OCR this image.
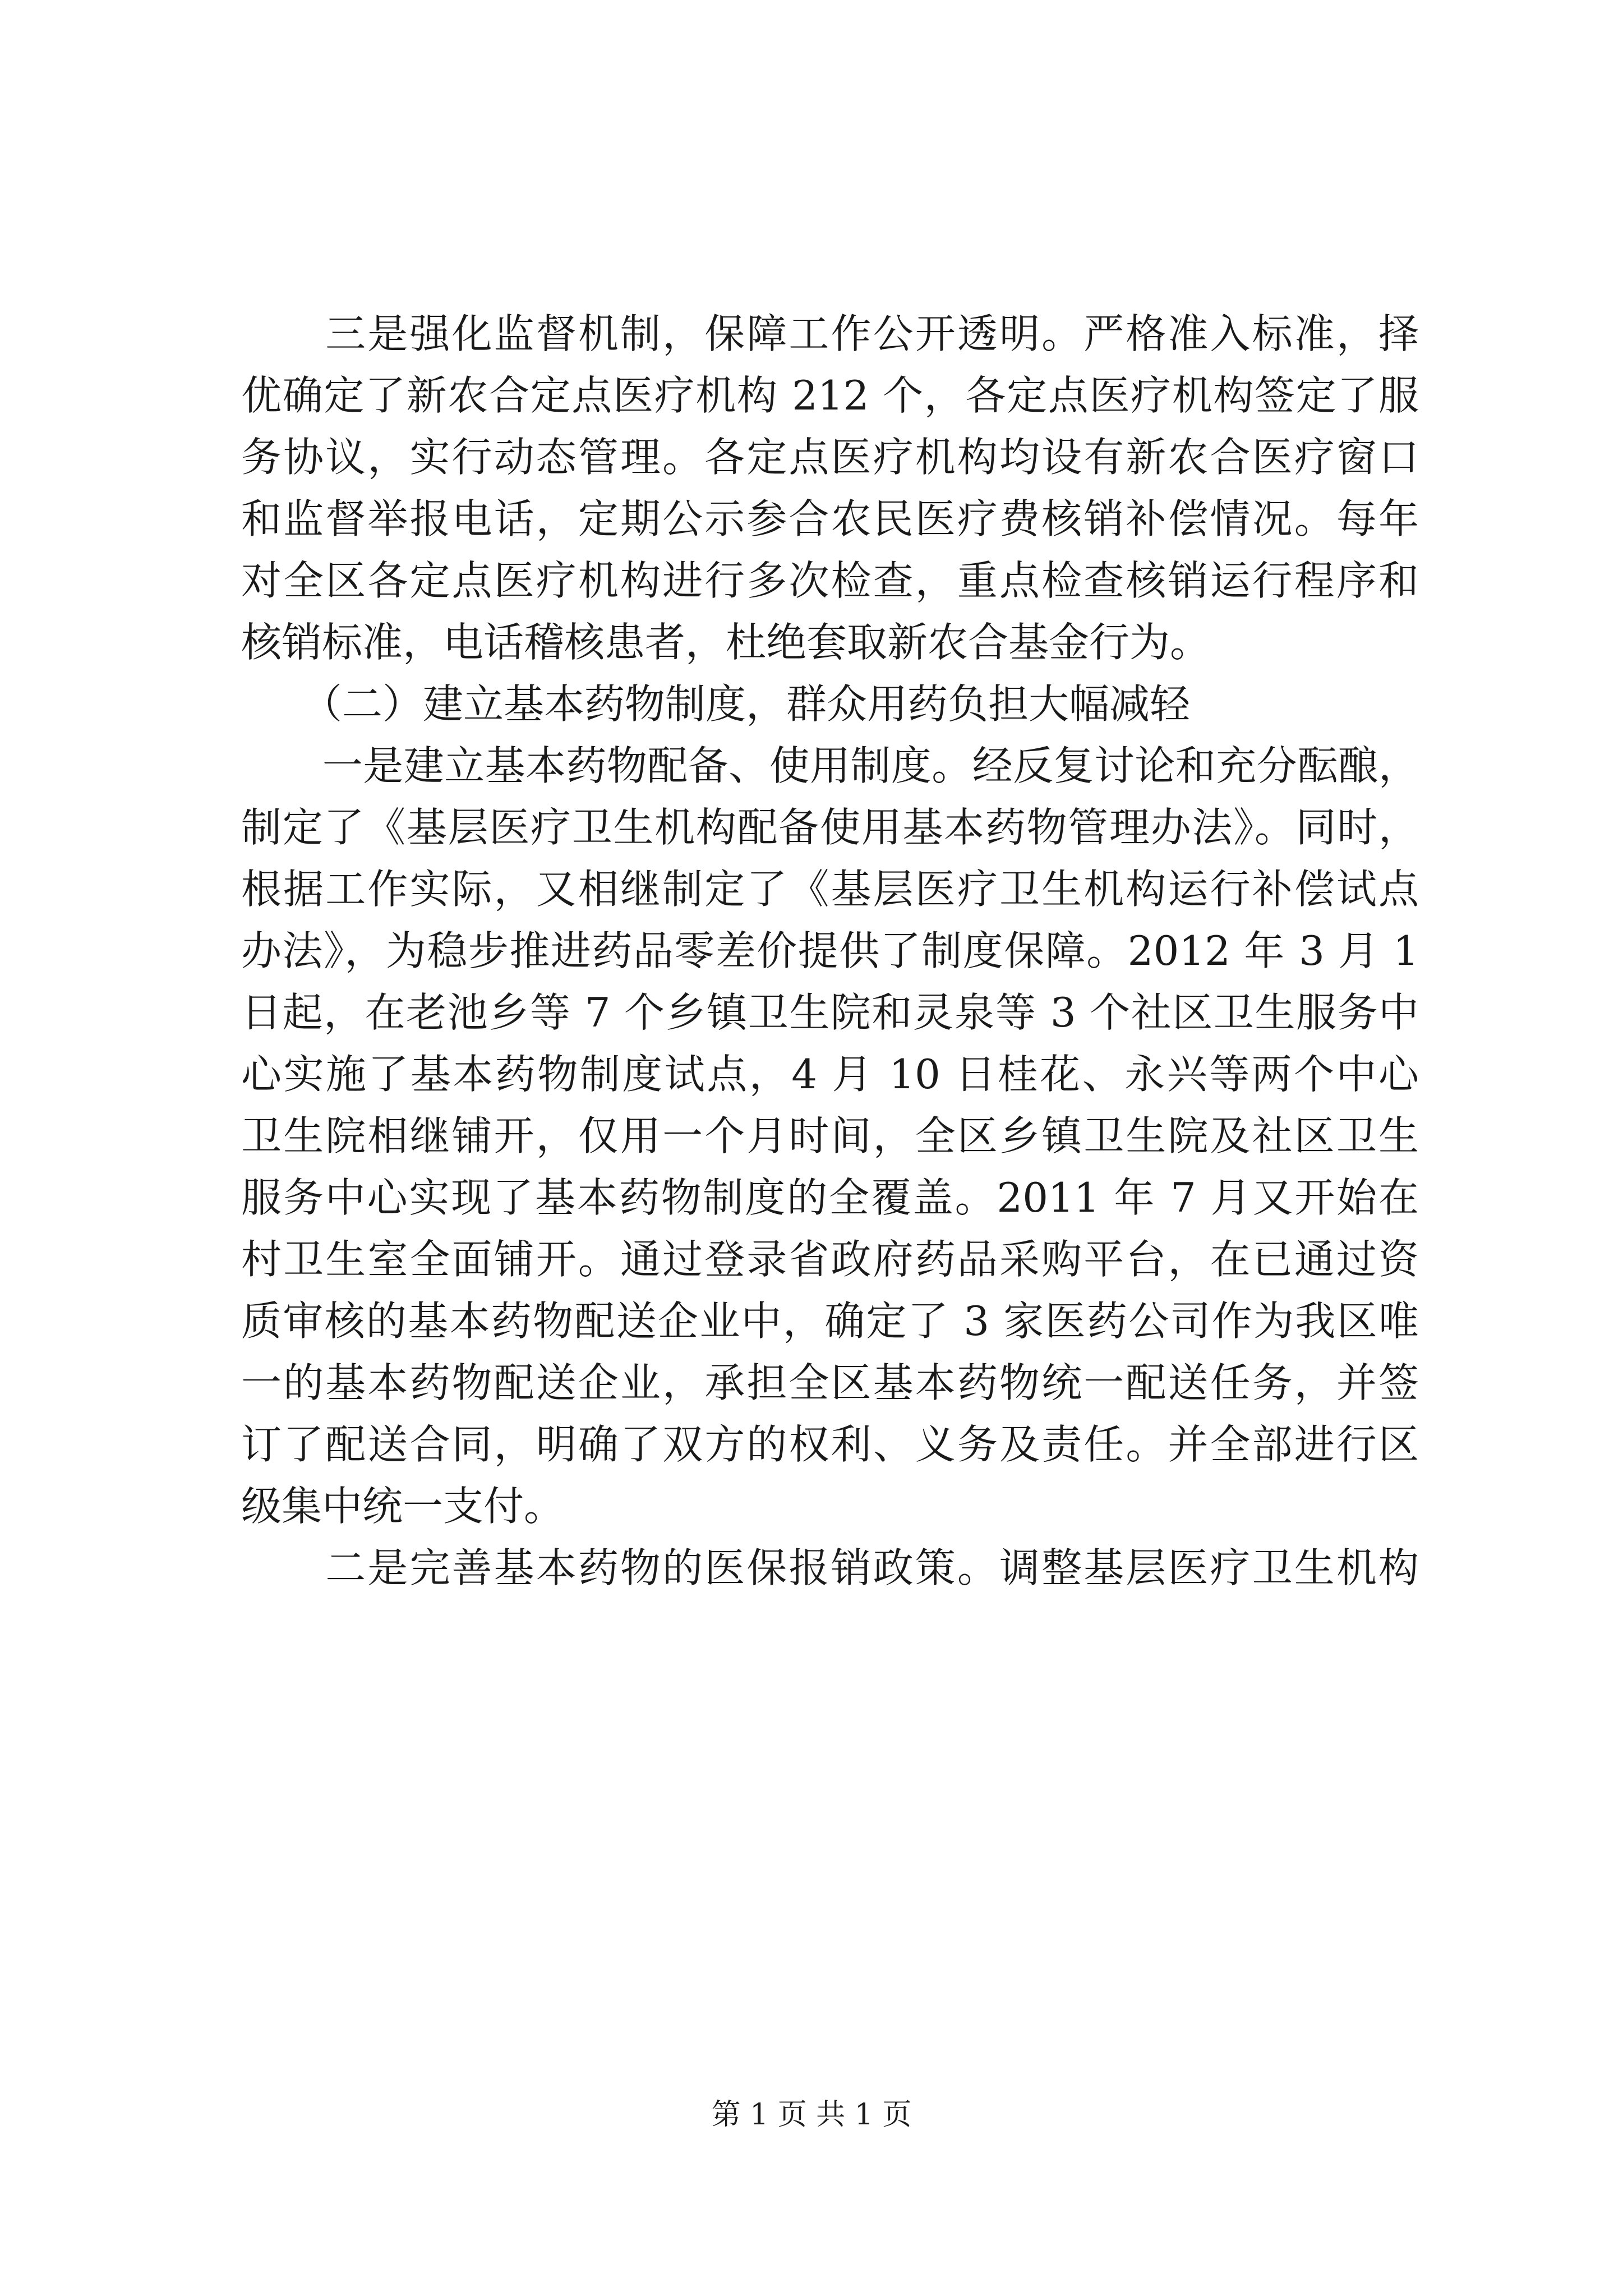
　　三是强化监督机制，保障工作公开透明。严格准入标准，择
优确定了新农合定点医疗机构 212 个，各定点医疗机构签定了服
务协议，实行动态管理。各定点医疗机构均设有新农合医疗窗口
和监督举报电话，定期公示参合农民医疗费核销补偿情况。每年
对全区各定点医疗机构进行多次检查，重点检查核销运行程序和
核销标准，电话稽核患者，杜绝套取新农合基金行为。
　　（二）建立基本药物制度，群众用药负担大幅减轻
　　一是建立基本药物配备、使用制度。经反复讨论和充分酝酿，
制定了《基层医疗卫生机构配备使用基本药物管理办法》。同时，
根据工作实际，又相继制定了《基层医疗卫生机构运行补偿试点
办法》，为稳步推进药品零差价提供了制度保障。2012 年 3 月 1
日起，在老池乡等 7 个乡镇卫生院和灵泉等 3 个社区卫生服务中
心实施了基本药物制度试点，4 月 10 日桂花、永兴等两个中心
卫生院相继铺开，仅用一个月时间，全区乡镇卫生院及社区卫生
服务中心实现了基本药物制度的全覆盖。2011 年 7 月又开始在
村卫生室全面铺开。通过登录省政府药品采购平台，在已通过资
质审核的基本药物配送企业中，确定了 3 家医药公司作为我区唯
一的基本药物配送企业，承担全区基本药物统一配送任务，并签
订了配送合同，明确了双方的权利、义务及责任。并全部进行区
级集中统一支付。
　　二是完善基本药物的医保报销政策。调整基层医疗卫生机构
第 1 页 共 1 页
